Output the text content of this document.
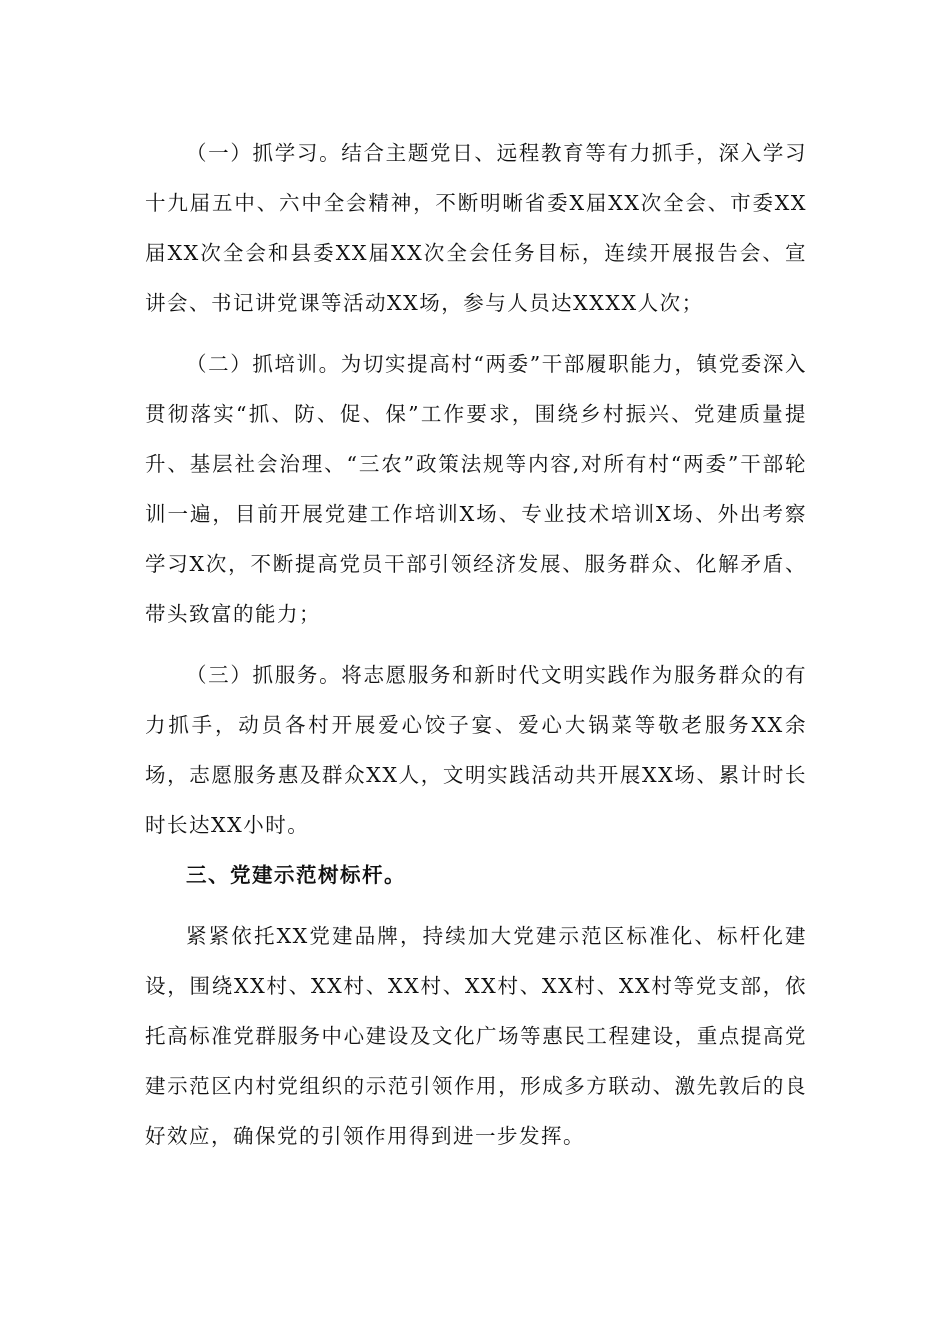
（一）抓学习。结合主题党日、远程教育等有力抓手，深入学习十九届五中、六中全会精神，不断明晰省委X届XX次全会、市委XX届XX次全会和县委XX届XX次全会任务目标，连续开展报告会、宣讲会、书记讲党课等活动XX场，参与人员达XXXX人次；

（二）抓培训。为切实提高村“两委”干部履职能力，镇党委深入贯彻落实“抓、防、促、保”工作要求，围绕乡村振兴、党建质量提升、基层社会治理、“三农”政策法规等内容,对所有村“两委”干部轮训一遍，目前开展党建工作培训X场、专业技术培训X场、外出考察学习X次，不断提高党员干部引领经济发展、服务群众、化解矛盾、带头致富的能力；

（三）抓服务。将志愿服务和新时代文明实践作为服务群众的有力抓手，动员各村开展爱心饺子宴、爱心大锅菜等敬老服务XX余场，志愿服务惠及群众XX人，文明实践活动共开展XX场、累计时长时长达XX小时。

三、党建示范树标杆。

紧紧依托XX党建品牌，持续加大党建示范区标准化、标杆化建设，围绕XX村、XX村、XX村、XX村、XX村、XX村等党支部，依托高标准党群服务中心建设及文化广场等惠民工程建设，重点提高党建示范区内村党组织的示范引领作用，形成多方联动、激先敦后的良好效应，确保党的引领作用得到进一步发挥。
